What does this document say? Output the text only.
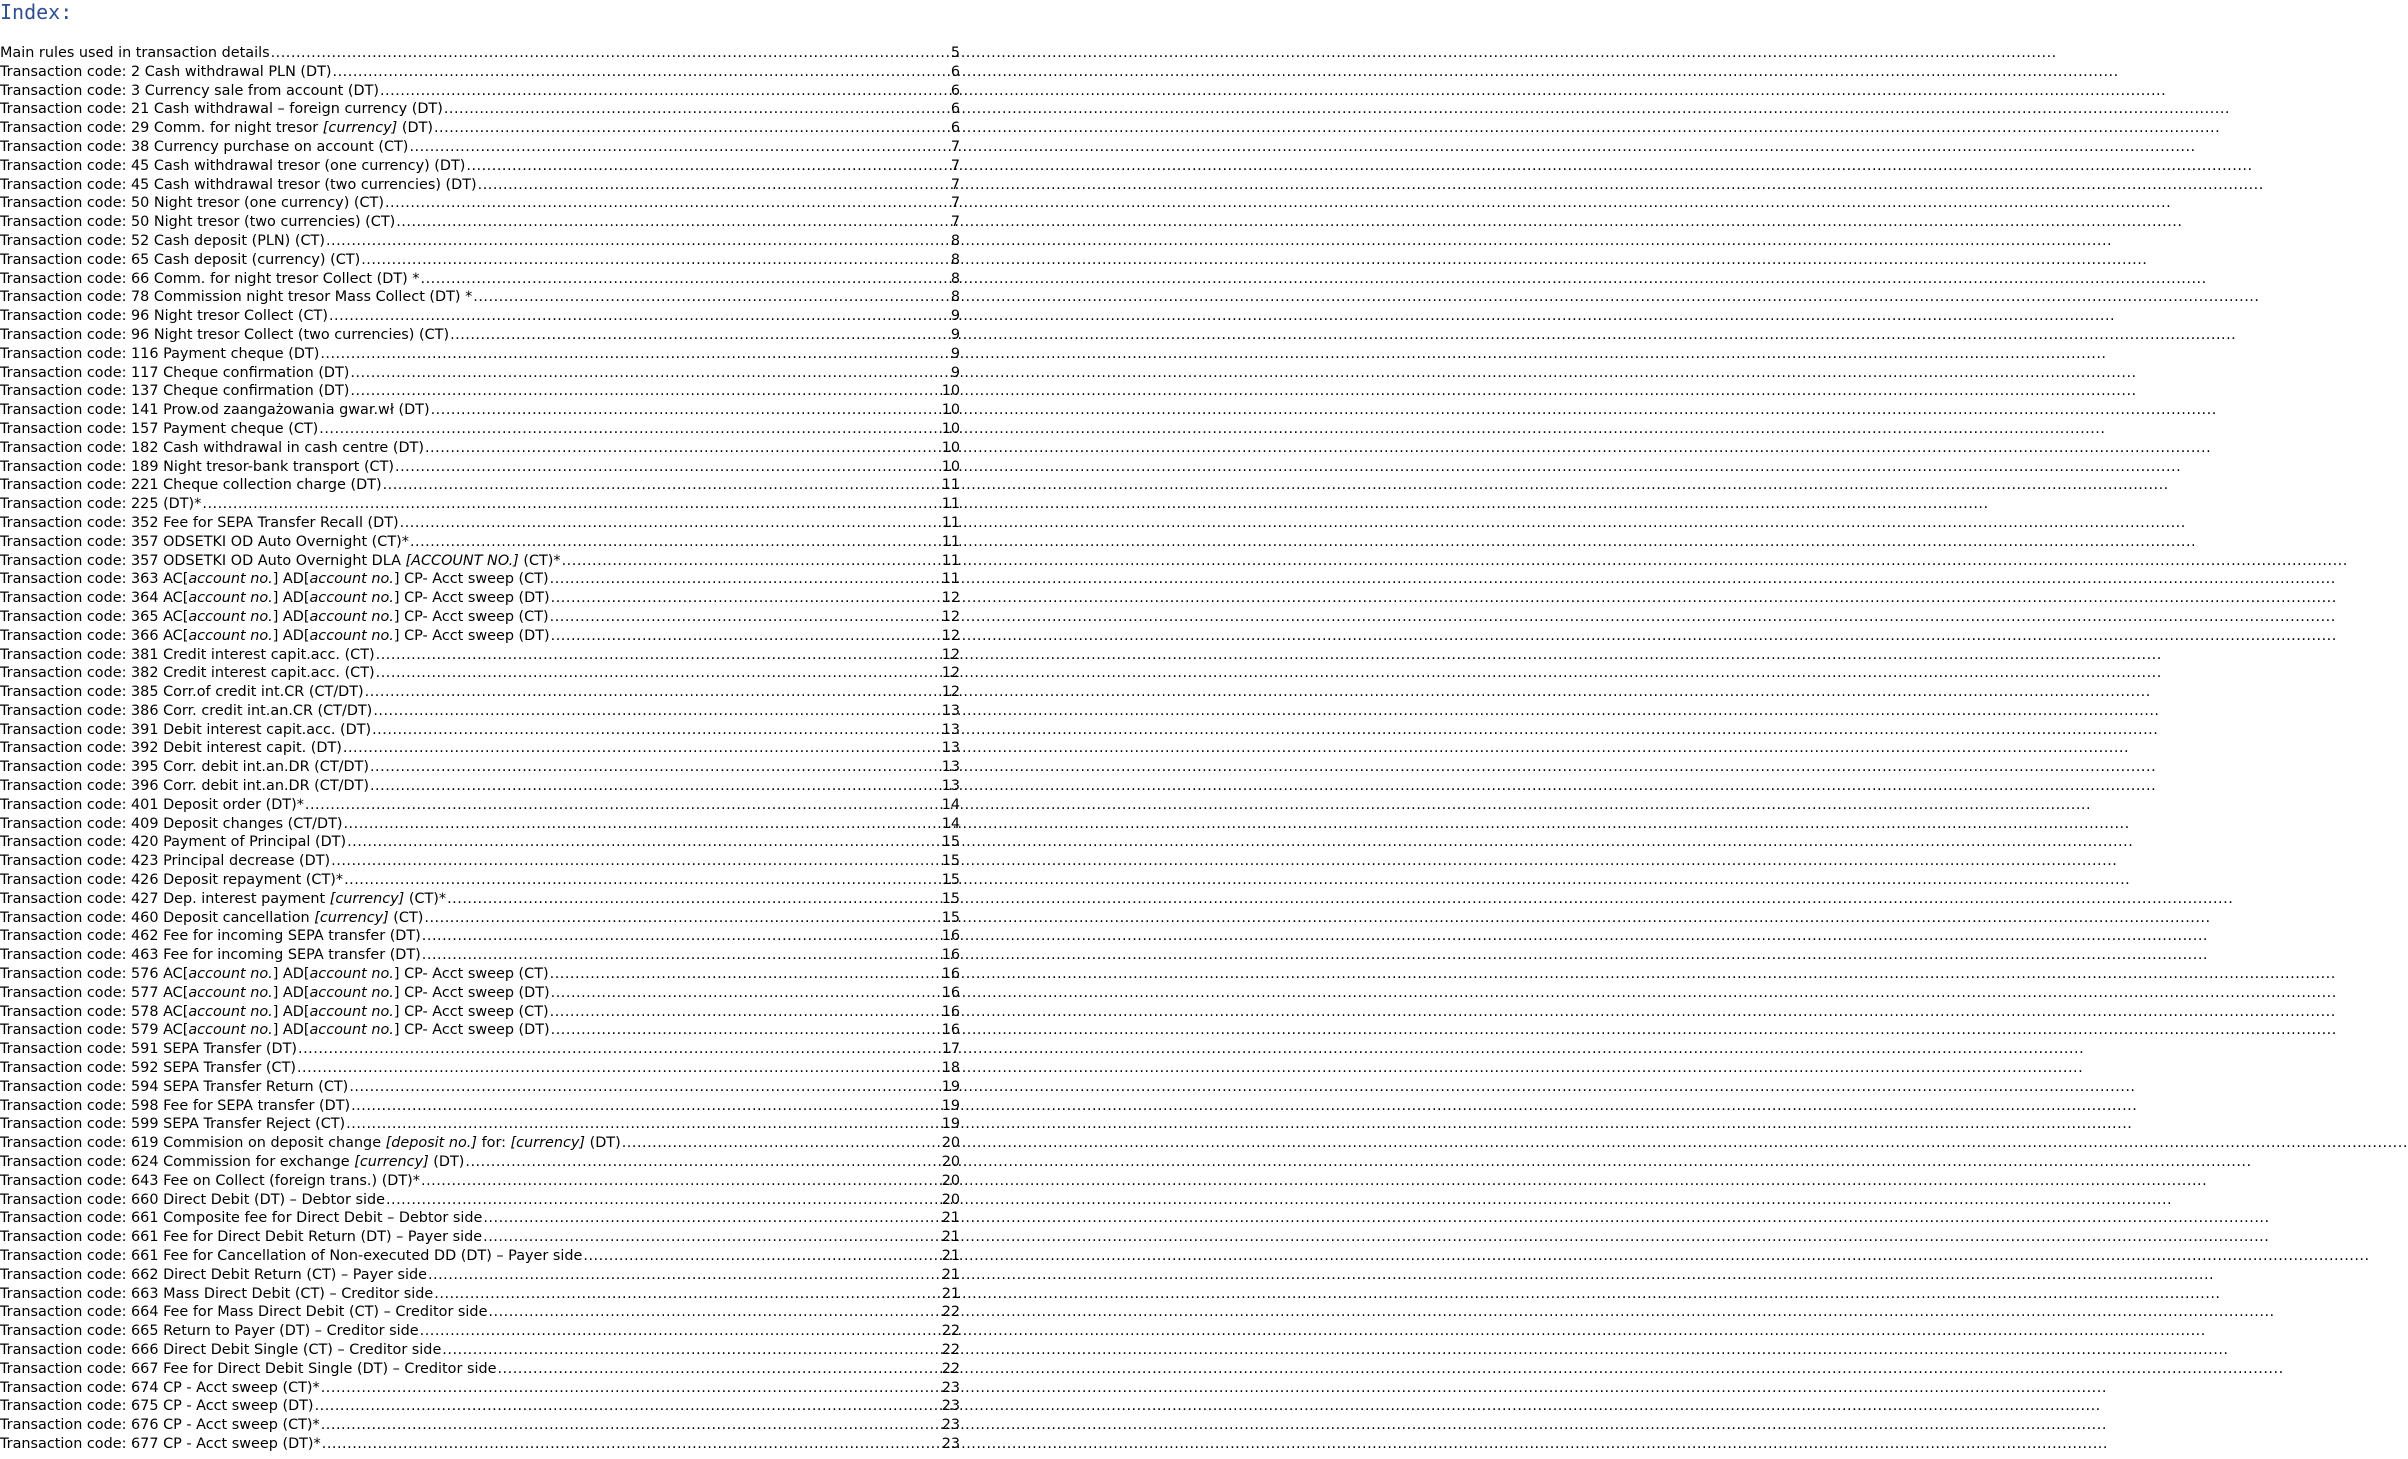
Index:
Main rules used in transaction details .....	5
Transaction code: 2 Cash withdrawal PLN (DT) .....	6
Transaction code: 3 Currency sale from account (DT) .....	6
Transaction code: 21 Cash withdrawal – foreign currency (DT) .....	6
Transaction code: 29 Comm. for night tresor [currency] (DT) .....	6
Transaction code: 38 Currency purchase on account (CT) .....	7
Transaction code: 45 Cash withdrawal tresor (one currency) (DT) .....	7
Transaction code: 45 Cash withdrawal tresor (two currencies) (DT) .....	7
Transaction code: 50 Night tresor (one currency) (CT) .....	7
Transaction code: 50 Night tresor (two currencies) (CT) .....	7
Transaction code: 52 Cash deposit (PLN) (CT) .....	8
Transaction code: 65 Cash deposit (currency) (CT) .....	8
Transaction code: 66 Comm. for night tresor Collect (DT) * .....	8
Transaction code: 78 Commission night tresor Mass Collect (DT) * .....	8
Transaction code: 96 Night tresor Collect (CT) .....	9
Transaction code: 96 Night tresor Collect (two currencies) (CT) .....	9
Transaction code: 116 Payment cheque (DT) .....	9
Transaction code: 117 Cheque confirmation (DT) .....	9
Transaction code: 137 Cheque confirmation (DT) .....	10
Transaction code: 141 Prow.od zaangażowania gwar.wł (DT) .....	10
Transaction code: 157 Payment cheque (CT) .....	10
Transaction code: 182 Cash withdrawal in cash centre (DT) .....	10
Transaction code: 189 Night tresor-bank transport (CT) .....	10
Transaction code: 221 Cheque collection charge (DT) .....	11
Transaction code: 225 (DT)* .....	11
Transaction code: 352 Fee for SEPA Transfer Recall (DT) .....	11
Transaction code: 357 ODSETKI OD Auto Overnight (CT)* .....	11
Transaction code: 357 ODSETKI OD Auto Overnight DLA [ACCOUNT NO.] (CT)* .....	11
Transaction code: 363 AC[account no.] AD[account no.] CP- Acct sweep (CT) .....	11
Transaction code: 364 AC[account no.] AD[account no.] CP- Acct sweep (DT) .....	12
Transaction code: 365 AC[account no.] AD[account no.] CP- Acct sweep (CT) .....	12
Transaction code: 366 AC[account no.] AD[account no.] CP- Acct sweep (DT) .....	12
Transaction code: 381 Credit interest capit.acc. (CT) .....	12
Transaction code: 382 Credit interest capit.acc. (CT) .....	12
Transaction code: 385 Corr.of credit int.CR (CT/DT) .....	12
Transaction code: 386 Corr. credit int.an.CR (CT/DT) .....	13
Transaction code: 391 Debit interest capit.acc. (DT) .....	13
Transaction code: 392 Debit interest capit. (DT) .....	13
Transaction code: 395 Corr. debit int.an.DR (CT/DT) .....	13
Transaction code: 396 Corr. debit int.an.DR (CT/DT) .....	13
Transaction code: 401 Deposit order (DT)* .....	14
Transaction code: 409 Deposit changes (CT/DT) .....	14
Transaction code: 420 Payment of Principal (DT) .....	15
Transaction code: 423 Principal decrease (DT) .....	15
Transaction code: 426 Deposit repayment (CT)* .....	15
Transaction code: 427 Dep. interest payment [currency] (CT)* .....	15
Transaction code: 460 Deposit cancellation [currency] (CT) .....	15
Transaction code: 462 Fee for incoming SEPA transfer (DT) .....	16
Transaction code: 463 Fee for incoming SEPA transfer (DT) .....	16
Transaction code: 576 AC[account no.] AD[account no.] CP- Acct sweep (CT) .....	16
Transaction code: 577 AC[account no.] AD[account no.] CP- Acct sweep (DT) .....	16
Transaction code: 578 AC[account no.] AD[account no.] CP- Acct sweep (CT) .....	16
Transaction code: 579 AC[account no.] AD[account no.] CP- Acct sweep (DT) .....	16
Transaction code: 591 SEPA Transfer (DT) .....	17
Transaction code: 592 SEPA Transfer (CT) .....	18
Transaction code: 594 SEPA Transfer Return (CT) .....	19
Transaction code: 598 Fee for SEPA transfer (DT) .....	19
Transaction code: 599 SEPA Transfer Reject (CT) .....	19
Transaction code: 619 Commision on deposit change [deposit no.] for: [currency] (DT) .....	20
Transaction code: 624 Commission for exchange [currency] (DT) .....	20
Transaction code: 643 Fee on Collect (foreign trans.) (DT)* .....	20
Transaction code: 660 Direct Debit (DT) – Debtor side .....	20
Transaction code: 661 Composite fee for Direct Debit – Debtor side .....	21
Transaction code: 661 Fee for Direct Debit Return (DT) – Payer side .....	21
Transaction code: 661 Fee for Cancellation of Non-executed DD (DT) – Payer side .....	21
Transaction code: 662 Direct Debit Return (CT) – Payer side .....	21
Transaction code: 663 Mass Direct Debit (CT) – Creditor side .....	21
Transaction code: 664 Fee for Mass Direct Debit (CT) – Creditor side .....	22
Transaction code: 665 Return to Payer (DT) – Creditor side .....	22
Transaction code: 666 Direct Debit Single (CT) – Creditor side .....	22
Transaction code: 667 Fee for Direct Debit Single (DT) – Creditor side .....	22
Transaction code: 674 CP - Acct sweep (CT)* .....	23
Transaction code: 675 CP - Acct sweep (DT) .....	23
Transaction code: 676 CP - Acct sweep (CT)* .....	23
Transaction code: 677 CP - Acct sweep (DT)* .....	23
